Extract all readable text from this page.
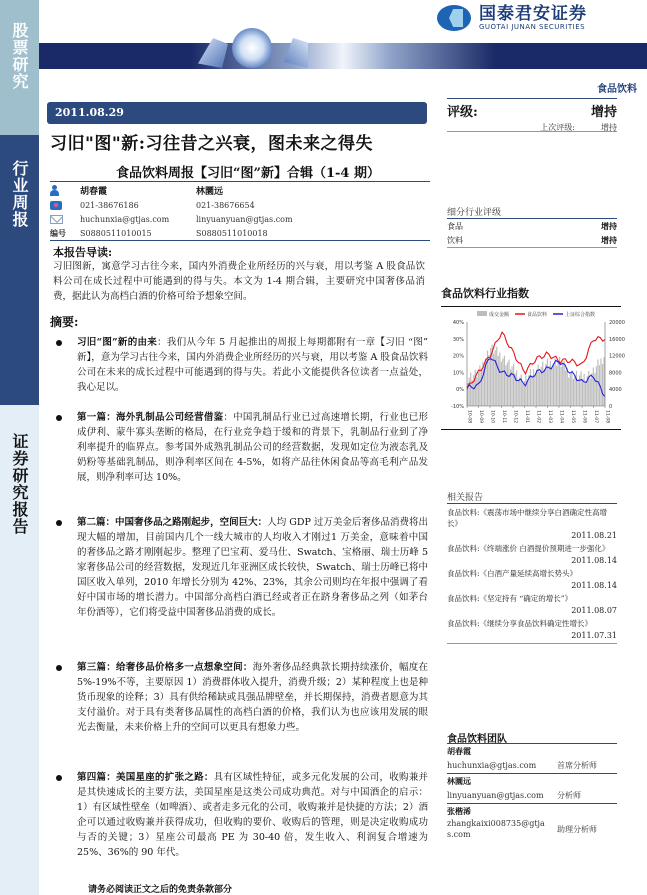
股票研究
行业周报
证券研究报告
国泰君安证券
GUOTAI JUNAN SECURITIES
食品饮料
2011.08.29
习旧"图"新:习往昔之兴衰，图未来之得失
食品饮料周报【习旧“图”新】合辑（1-4 期）
胡春霞	林圜远
021-38676186	021-38676654
huchunxia@gtjas.com	linyuanyuan@gtjas.com
编号 S0880511010015	S0880511010018
本报告导读:
习旧图新，寓意学习古往今来，国内外消费企业所经历的兴与衰，用以考鉴 A 股食品饮料公司在成长过程中可能遇到的得与失。本文为 1-4 期合辑，主要研究中国奢侈品消费，据此认为高档白酒的价格可给予想象空间。
摘要:
习旧“图”新的由来：我们从今年 5 月起推出的周报上每期都附有一章【习旧 “图” 新】，意为学习古往今来，国内外消费企业所经历的兴与衰，用以考鉴 A 股食品饮料公司在未来的成长过程中可能遇到的得与失。若此小文能提供各位读者一点益处，我心足以。
第一篇：海外乳制品公司经营借鉴：中国乳制品行业已过高速增长期，行业也已形成伊利、蒙牛寡头垄断的格局，在行业竞争趋于缓和的背景下，乳制品行业到了净利率提升的临界点。参考国外成熟乳制品公司的经营数据，发现如定位为液态乳及奶粉等基础乳制品，则净利率区间在 4-5%，如将产品往休闲食品等高毛利产品发展，则净利率可达 10%。
第二篇：中国奢侈品之路刚起步，空间巨大：人均 GDP 过万美金后奢侈品消费将出现大幅的增加，目前国内几个一线大城市的人均收入才刚过1 万美金，意味着中国的奢侈品之路才刚刚起步。整理了巴宝莉、爱马仕、Swatch、宝格丽、瑞士历峰 5 家奢侈品公司的经营数据，发现近几年亚洲区成长较快，Swatch、瑞士历峰已将中国区收入单列，2010 年增长分别为 42%、23%，其余公司则均在年报中强调了看好中国市场的增长潜力。中国部分高档白酒已经或者正在跻身奢侈品之列（如茅台年份酒等），它们将受益中国奢侈品消费的成长。
第三篇：给奢侈品价格多一点想象空间：海外奢侈品经典款长期持续涨价，幅度在 5%-19%不等，主要原因 1）消费群体收入提升，消费升级；2）某种程度上也是种货币现象的诠释；3）具有供给稀缺或具强品牌壁垒，并长期保持，消费者愿意为其支付溢价。对于具有类奢侈品属性的高档白酒的价格，我们认为也应该用发展的眼光去衡量，未来价格上升的空间可以更具有想象力些。
第四篇：美国星座的扩张之路：具有区域性特征，或多元化发展的公司，收购兼并是其快速成长的主要方法，美国星座是这类公司成功典范。对与中国酒企的启示：1）有区域性壁垒（如啤酒）、或者走多元化的公司，收购兼并是快捷的方法；2）酒企可以通过收购兼并获得成功，但收购的要价、收购后的管理，则是决定收购成功与否的关键；3）星座公司最高 PE 为 30-40 倍，发生收入、利润复合增速为 25%、36%的 90 年代。
请务必阅读正文之后的免责条款部分
评级:	增持
上次评级:	增持
细分行业评级
食品	增持
饮料	增持
食品饮料行业指数
成交金额	食品饮料	上证综合指数
-10%
0%
10%
20%
30%
40%
0
4000
8000
12000
16000
20000
10-08 10-09 10-10 10-11 10-12 11-01 11-02 11-03 11-04 11-05 11-06 11-07 11-08
相关报告
食品饮料:《震荡市场中继续分享白酒确定性高增长》
2011.08.21
食品饮料:《终端涨价 白酒提价预期进一步强化》
2011.08.14
食品饮料:《白酒产量延续高增长势头》
2011.08.14
食品饮料:《坚定持有 “确定的增长”》
2011.08.07
食品饮料:《继续分享食品饮料确定性增长》
2011.07.31
食品饮料团队
胡春霞
huchunxia@gtjas.com	首席分析师
林圜远
linyuanyuan@gtjas.com	分析师
张楷浠
zhangkaixi008735@gtjas.com
助理分析师
